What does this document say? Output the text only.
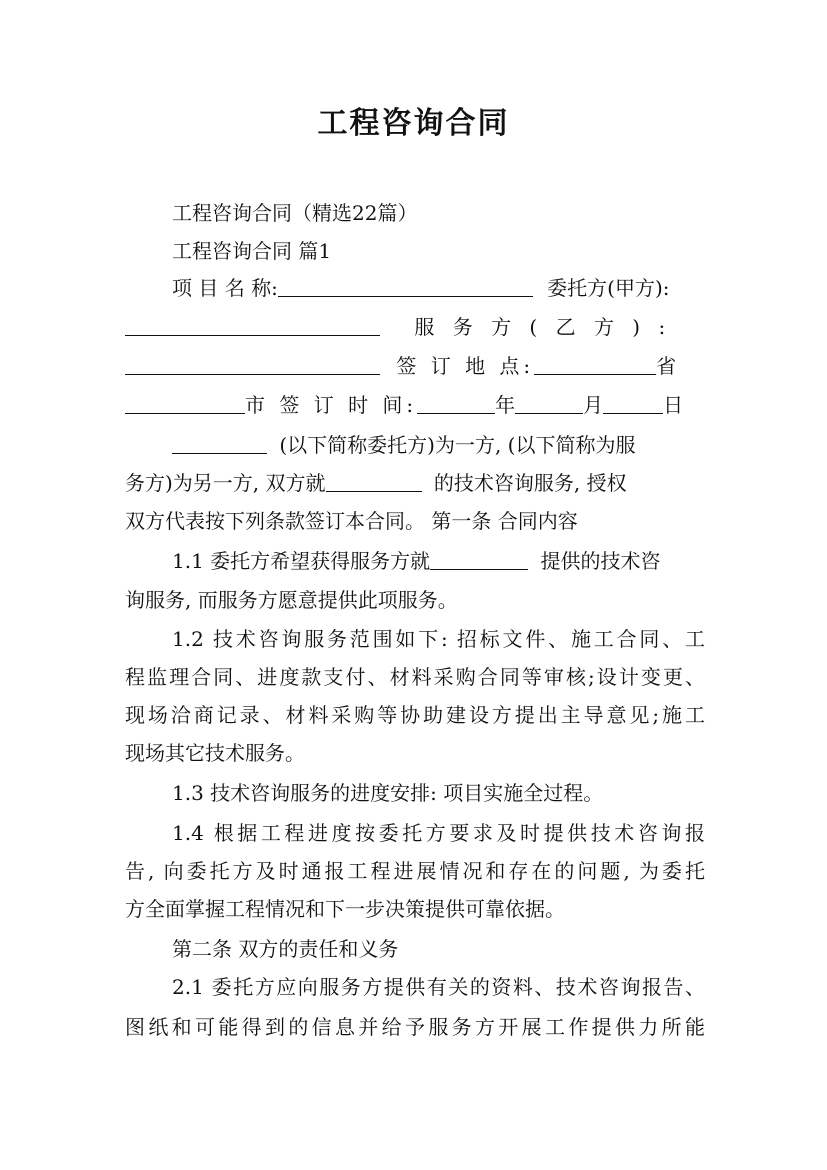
工程咨询合同
工程咨询合同（精选22篇）
工程咨询合同 篇1
项 目 名 称:	委托方(甲方):
服 务 方 ( 乙 方 ) :
签 订 地 点:	省
市 签 订 时 间:	年	月	日
(以下简称委托方)为一方, (以下简称为服
务方)为另一方, 双方就	的技术咨询服务, 授权
双方代表按下列条款签订本合同。 第一条 合同内容
1.1 委托方希望获得服务方就	提供的技术咨
询服务, 而服务方愿意提供此项服务。
1.2 技术咨询服务范围如下: 招标文件、施工合同、工
程监理合同、进度款支付、材料采购合同等审核;设计变更、
现场洽商记录、材料采购等协助建设方提出主导意见;施工
现场其它技术服务。
1.3 技术咨询服务的进度安排: 项目实施全过程。
1.4 根据工程进度按委托方要求及时提供技术咨询报
告, 向委托方及时通报工程进展情况和存在的问题, 为委托
方全面掌握工程情况和下一步决策提供可靠依据。
第二条 双方的责任和义务
2.1 委托方应向服务方提供有关的资料、技术咨询报告、
图纸和可能得到的信息并给予服务方开展工作提供力所能
